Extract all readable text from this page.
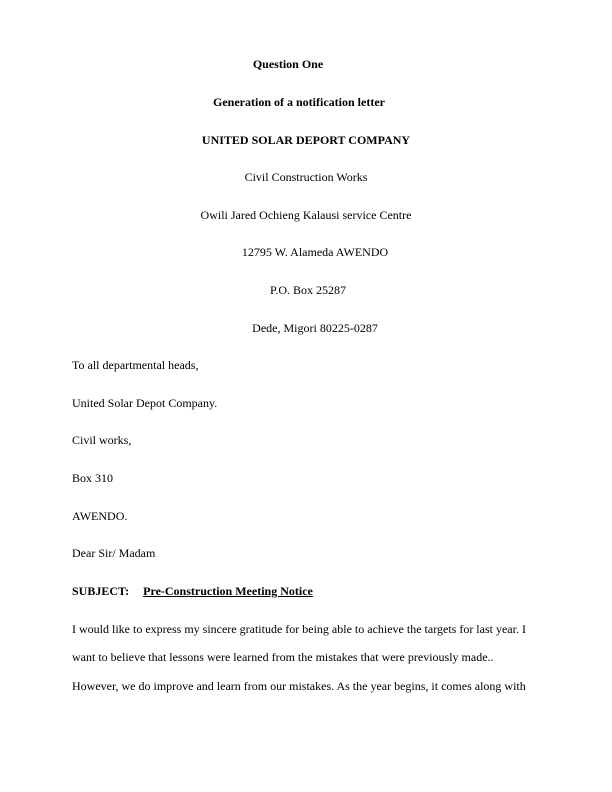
Question One
Generation of a notification letter
UNITED SOLAR DEPORT COMPANY
Civil Construction Works
Owili Jared Ochieng Kalausi service Centre
12795 W. Alameda AWENDO
P.O. Box 25287
Dede, Migori 80225-0287
To all departmental heads,
United Solar Depot Company.
Civil works,
Box 310
AWENDO.
Dear Sir/ Madam
SUBJECT: Pre-Construction Meeting Notice
I would like to express my sincere gratitude for being able to achieve the targets for last year. I
want to believe that lessons were learned from the mistakes that were previously made..
However, we do improve and learn from our mistakes. As the year begins, it comes along with
